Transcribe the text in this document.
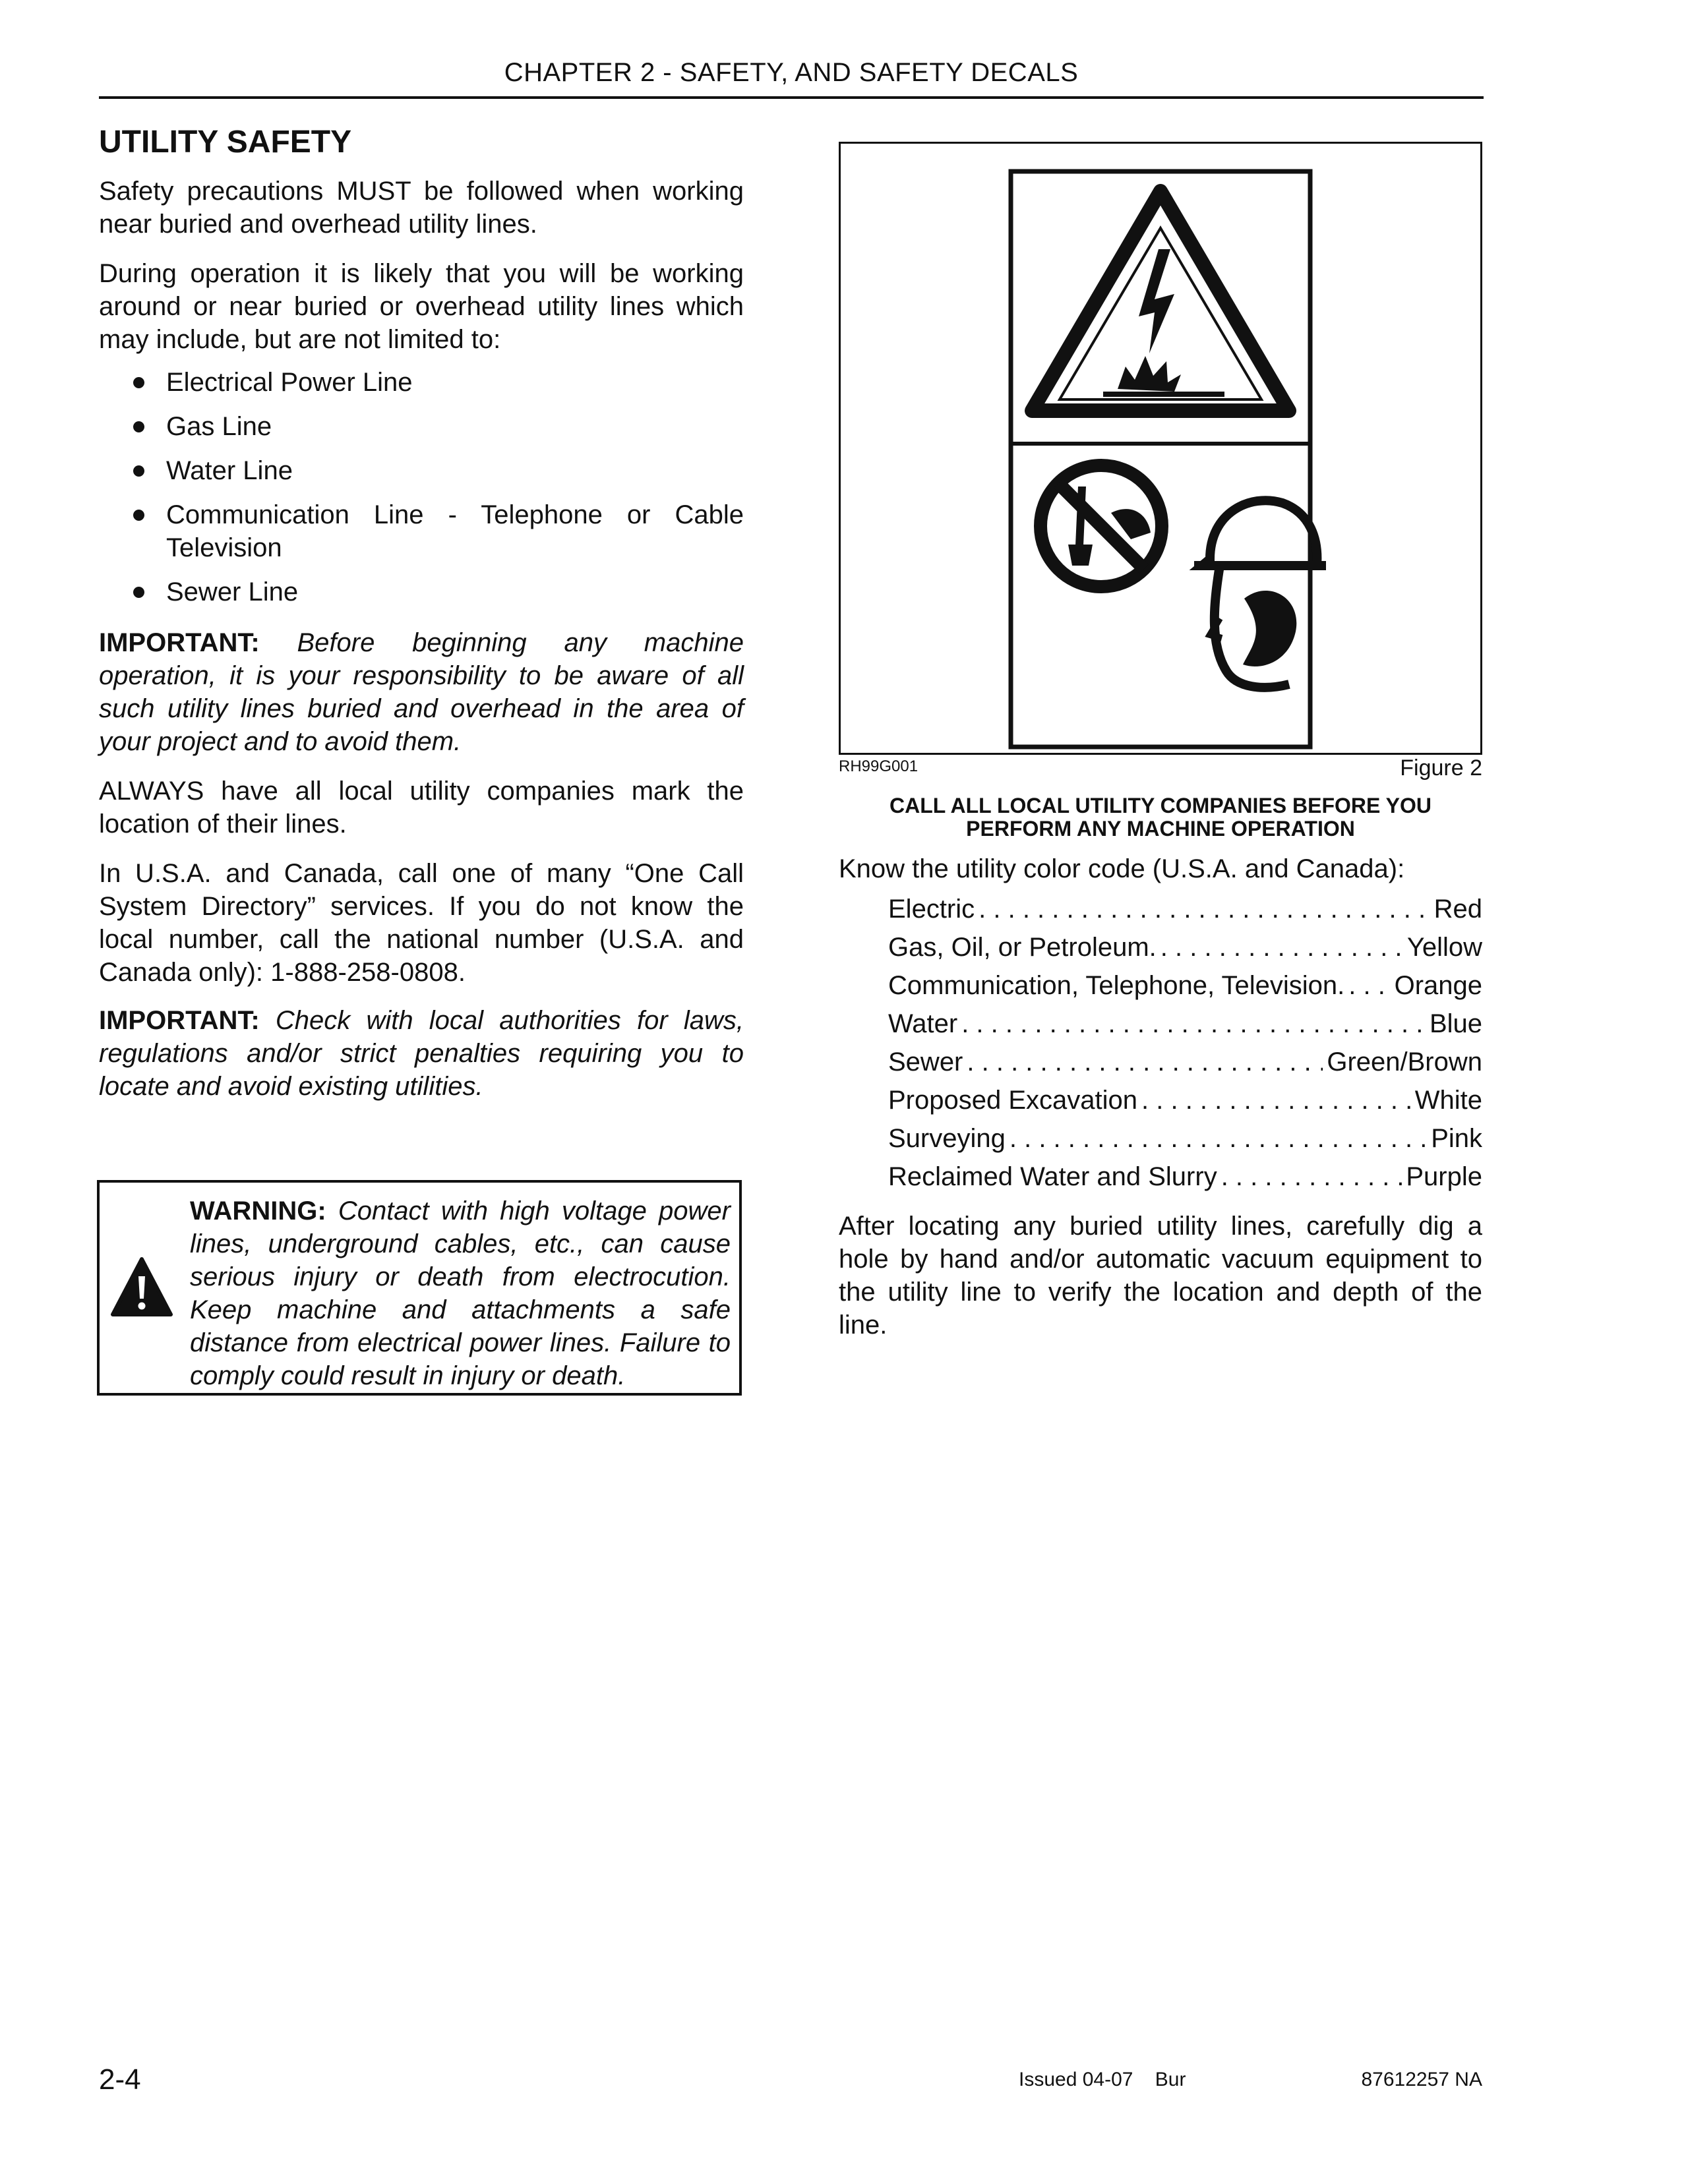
CHAPTER 2 - SAFETY, AND SAFETY DECALS
UTILITY SAFETY

Safety precautions MUST be followed when working near buried and overhead utility lines.

During operation it is likely that you will be working around or near buried or overhead utility lines which may include, but are not limited to:

Electrical Power Line
Gas Line
Water Line
Communication Line - Telephone or Cable Television
Sewer Line

IMPORTANT: Before beginning any machine operation, it is your responsibility to be aware of all such utility lines buried and overhead in the area of your project and to avoid them.

ALWAYS have all local utility companies mark the location of their lines.

In U.S.A. and Canada, call one of many “One Call System Directory” services. If you do not know the local number, call the national number (U.S.A. and Canada only): 1-888-258-0808.

IMPORTANT: Check with local authorities for laws, regulations and/or strict penalties requiring you to locate and avoid existing utilities.

WARNING: Contact with high voltage power lines, underground cables, etc., can cause serious injury or death from electrocution. Keep machine and attachments a safe distance from electrical power lines. Failure to comply could result in injury or death.

RH99G001	Figure 2

CALL ALL LOCAL UTILITY COMPANIES BEFORE YOU
PERFORM ANY MACHINE OPERATION

Know the utility color code (U.S.A. and Canada):

Electric . . .	Red
Gas, Oil, or Petroleum. . . .	Yellow
Communication, Telephone, Television. . . . Orange
Water . . .	Blue
Sewer . . .	Green/Brown
Proposed Excavation . . .	White
Surveying . . .	Pink
Reclaimed Water and Slurry . . .	Purple

After locating any buried utility lines, carefully dig a hole by hand and/or automatic vacuum equipment to the utility line to verify the location and depth of the line.

2-4	Issued 04-07    Bur	87612257 NA
